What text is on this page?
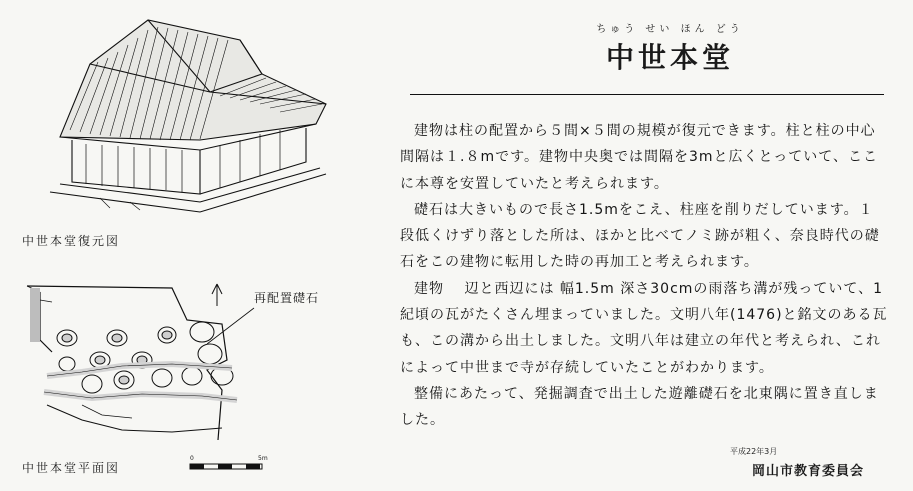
中世本堂復元図
再配置礎石
0	5m
中世本堂平面図
ちゅう せい ほん どう
中世本堂

建物は柱の配置から５間×５間の規模が復元できます。柱と柱の中心間隔は１.８mです。建物中央奥では間隔を3mと広くとっていて、ここに本尊を安置していたと考えられます。

礎石は大きいもので長さ1.5mをこえ、柱座を削りだしています。１段低くけずり落とした所は、ほかと比べてノミ跡が粗く、奈良時代の礎石をこの建物に転用した時の再加工と考えられます。

建物 　辺と西辺には 幅1.5m 深さ30cmの雨落ち溝が残っていて、1　 紀頃の瓦がたくさん埋まっていました。文明八年(1476)と銘文のある瓦も、この溝から出土しました。文明八年は建立の年代と考えられ、これによって中世まで寺が存続していたことがわかります。

整備にあたって、発掘調査で出土した遊離礎石を北東隅に置き直しました。

平成22年3月
岡山市教育委員会
